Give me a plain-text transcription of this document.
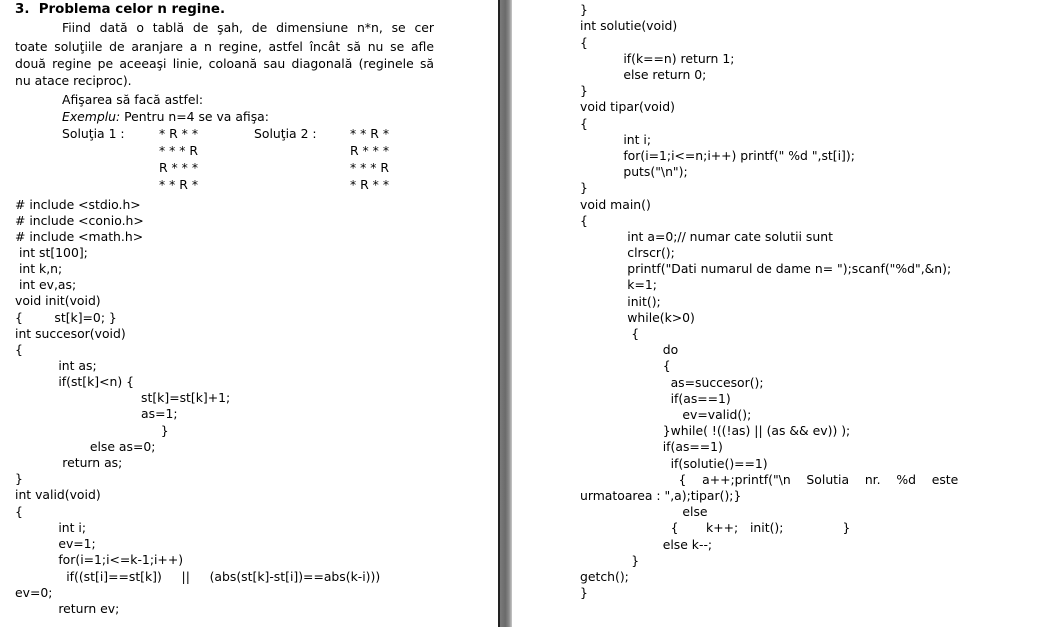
3.  Problema celor n regine.
Fiind dată o tablă de şah, de dimensiune n*n, se cer
toate soluţiile de aranjare a n regine, astfel încât să nu se afle
două regine pe aceeaşi linie, coloană sau diagonală (reginele să
nu atace reciproc).
Afişarea să facă astfel:
Exemplu: Pentru n=4 se va afişa:
Soluţia 1 :	Soluţia 2 :
* R * *
* * * R
R * * *
* * R *
* * R *
R * * *
* * * R
* R * *
# include <stdio.h>
# include <conio.h>
# include <math.h>
int st[100];
int k,n;
int ev,as;
void init(void)
{        st[k]=0; }
int succesor(void)
{
int as;
if(st[k]<n) {
st[k]=st[k]+1;
as=1;
}
else as=0;
return as;
}
int valid(void)
{
int i;
ev=1;
for(i=1;i<=k-1;i++)
if((st[i]==st[k])     ||     (abs(st[k]-st[i])==abs(k-i)))
ev=0;
return ev;
}
int solutie(void)
{
if(k==n) return 1;
else return 0;
}
void tipar(void)
{
int i;
for(i=1;i<=n;i++) printf(" %d ",st[i]);
puts("\n");
}
void main()
{
int a=0;// numar cate solutii sunt
clrscr();
printf("Dati numarul de dame n= ");scanf("%d",&n);
k=1;
init();
while(k>0)
{
do
{
as=succesor();
if(as==1)
ev=valid();
}while( !((!as) || (as && ev)) );
if(as==1)
if(solutie()==1)
{    a++;printf("\n    Solutia    nr.    %d    este
urmatoarea : ",a);tipar();}
else
{       k++;   init();               }
else k--;
}
getch();
}
